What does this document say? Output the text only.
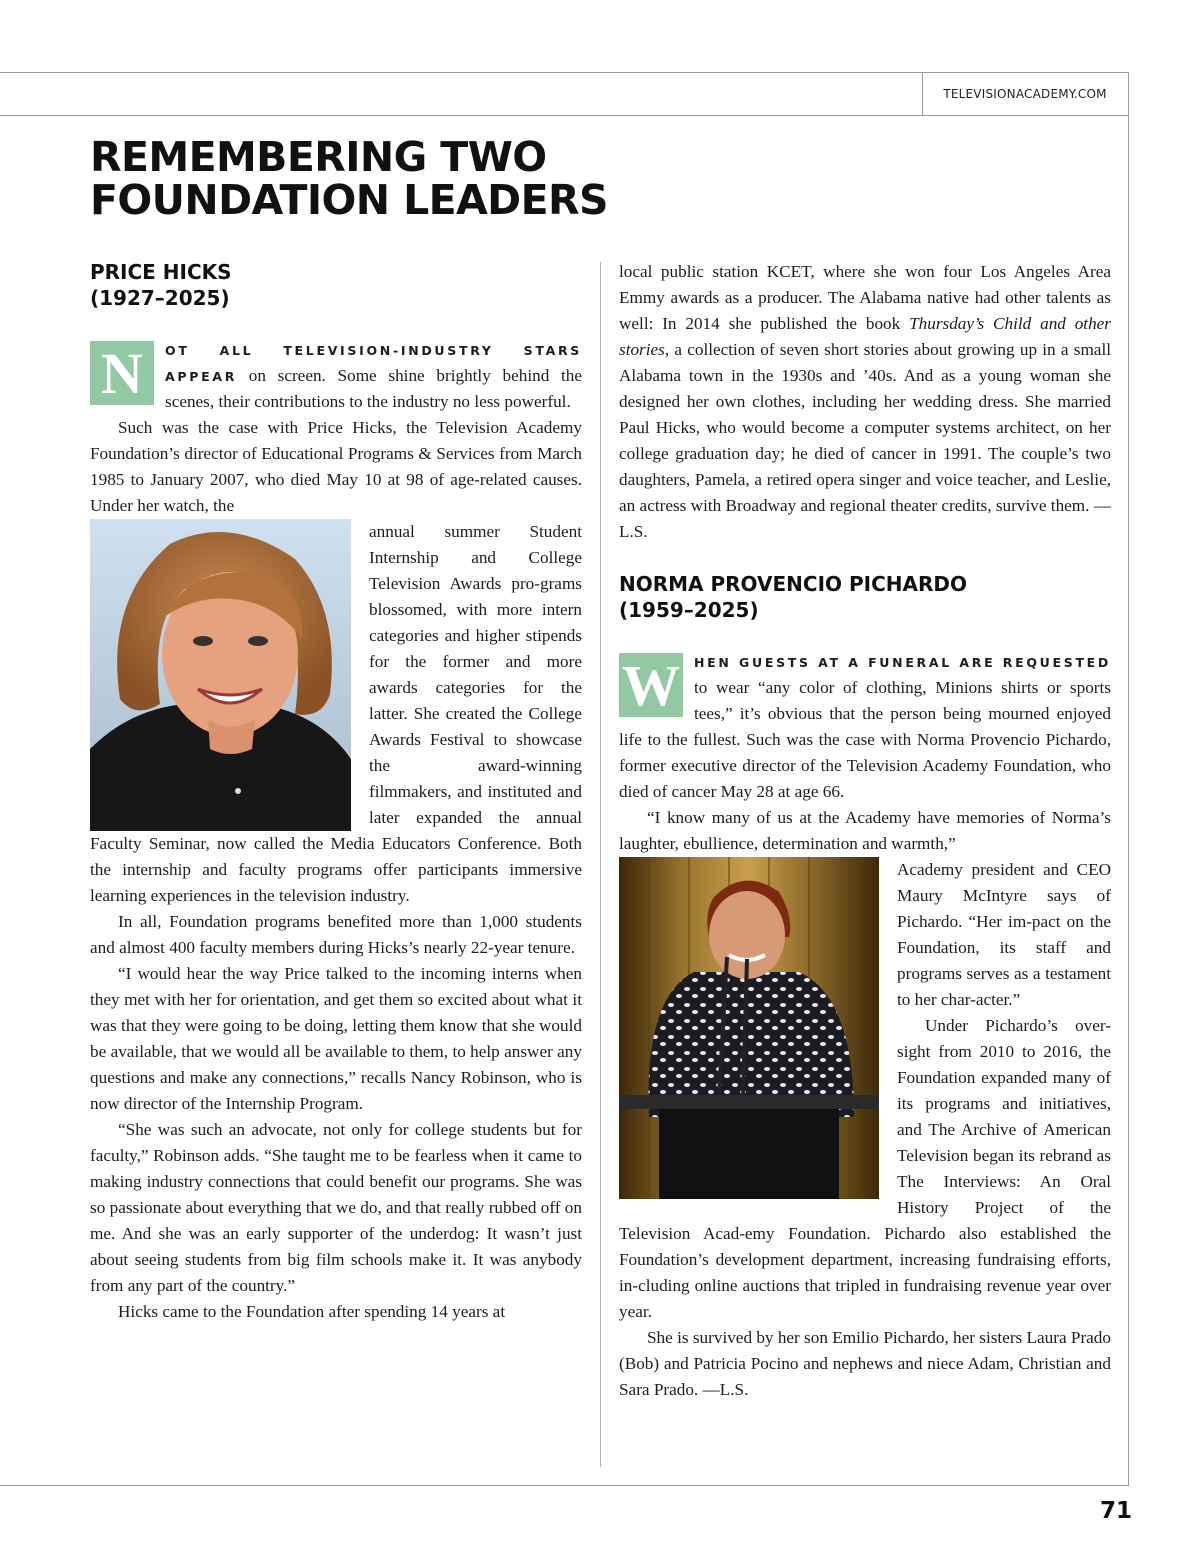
TELEVISIONACADEMY.COM
REMEMBERING TWO
FOUNDATION LEADERS
PRICE HICKS
(1927–2025)

N	OT ALL TELEVISION-INDUSTRY STARS APPEAR on screen. Some shine brightly behind the scenes, their contributions to the industry no less powerful.

Such was the case with Price Hicks, the Television Academy Foundation’s director of Educational Programs & Services from March 1985 to January 2007, who died May 10 at 98 of age-related causes. Under her watch, the

annual summer Student Internship and College Television Awards pro-grams blossomed, with more intern categories and higher stipends for the former and more awards categories for the latter. She created the College Awards Festival to showcase the award-winning filmmakers, and instituted and later expanded the annual Faculty Seminar, now called the Media Educators Conference. Both the internship and faculty programs offer participants immersive learning experiences in the television industry.

In all, Foundation programs benefited more than 1,000 students and almost 400 faculty members during Hicks’s nearly 22-year tenure.

“I would hear the way Price talked to the incoming interns when they met with her for orientation, and get them so excited about what it was that they were going to be doing, letting them know that she would be available, that we would all be available to them, to help answer any questions and make any connections,” recalls Nancy Robinson, who is now director of the Internship Program.

“She was such an advocate, not only for college students but for faculty,” Robinson adds. “She taught me to be fearless when it came to making industry connections that could benefit our programs. She was so passionate about everything that we do, and that really rubbed off on me. And she was an early supporter of the underdog: It wasn’t just about seeing students from big film schools make it. It was anybody from any part of the country.”

Hicks came to the Foundation after spending 14 years at

local public station KCET, where she won four Los Angeles Area Emmy awards as a producer. The Alabama native had other talents as well: In 2014 she published the book Thursday’s Child and other stories, a collection of seven short stories about growing up in a small Alabama town in the 1930s and ’40s. And as a young woman she designed her own clothes, including her wedding dress. She married Paul Hicks, who would become a computer systems architect, on her college graduation day; he died of cancer in 1991. The couple’s two daughters, Pamela, a retired opera singer and voice teacher, and Leslie, an actress with Broadway and regional theater credits, survive them. —L.S.

NORMA PROVENCIO PICHARDO
(1959–2025)

W HEN GUESTS AT A FUNERAL ARE REQUESTED to wear “any color of clothing, Minions shirts or sports tees,” it’s obvious that the person being mourned enjoyed life to the fullest. Such was the case with Norma Provencio Pichardo, former executive director of the Television Academy Foundation, who died of cancer May 28 at age 66.

“I know many of us at the Academy have memories of Norma’s laughter, ebullience, determination and warmth,”

Academy president and CEO Maury McIntyre says of Pichardo. “Her im-pact on the Foundation, its staff and programs serves as a testament to her char-acter.”

Under Pichardo’s over-sight from 2010 to 2016, the Foundation expanded many of its programs and initiatives, and The Archive of American Television began its rebrand as The Interviews: An Oral History Project of the Television Acad-emy Foundation. Pichardo also established the Foundation’s development department, increasing fundraising efforts, in-cluding online auctions that tripled in fundraising revenue year over year.

She is survived by her son Emilio Pichardo, her sisters Laura Prado (Bob) and Patricia Pocino and nephews and niece Adam, Christian and Sara Prado. —L.S.

71
